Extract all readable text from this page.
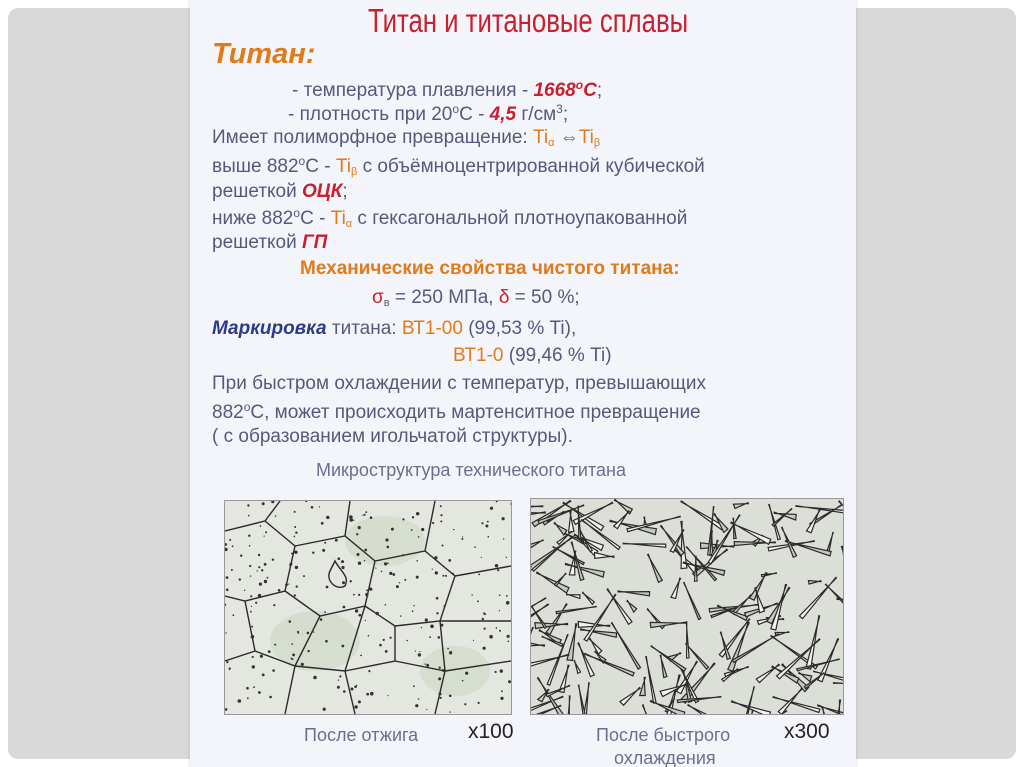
Титан и титановые сплавы
Титан:
- температура плавления - $1668^оС$;
- плотность при $20^оС - 4,5$ $г/см^3$;
Имеет полиморфное превращение: $Ti_\alpha$ $\Leftrightarrow Ti_\beta$
выше $882^оС - Ti_\beta$ с объёмноцентрированной кубической
решеткой ОЦК;
ниже $882^оС - Ti_\alpha$ с гексагональной плотноупакованной
решеткой ГП
Механические свойства чистого титана:
$\sigma_в = 250$ МПа, δ = 50 %;
Маркировка титана: ВТ1-00 (99,53 % Ti),
ВТ1-0 (99,46 % Ti)
При быстром охлаждении с температур, превышающих
$882^оС$, может происходить мартенситное превращение
( с образованием игольчатой структуры).
Микроструктура технического титана
После отжига x100	После быстрого
охлаждения
x300
